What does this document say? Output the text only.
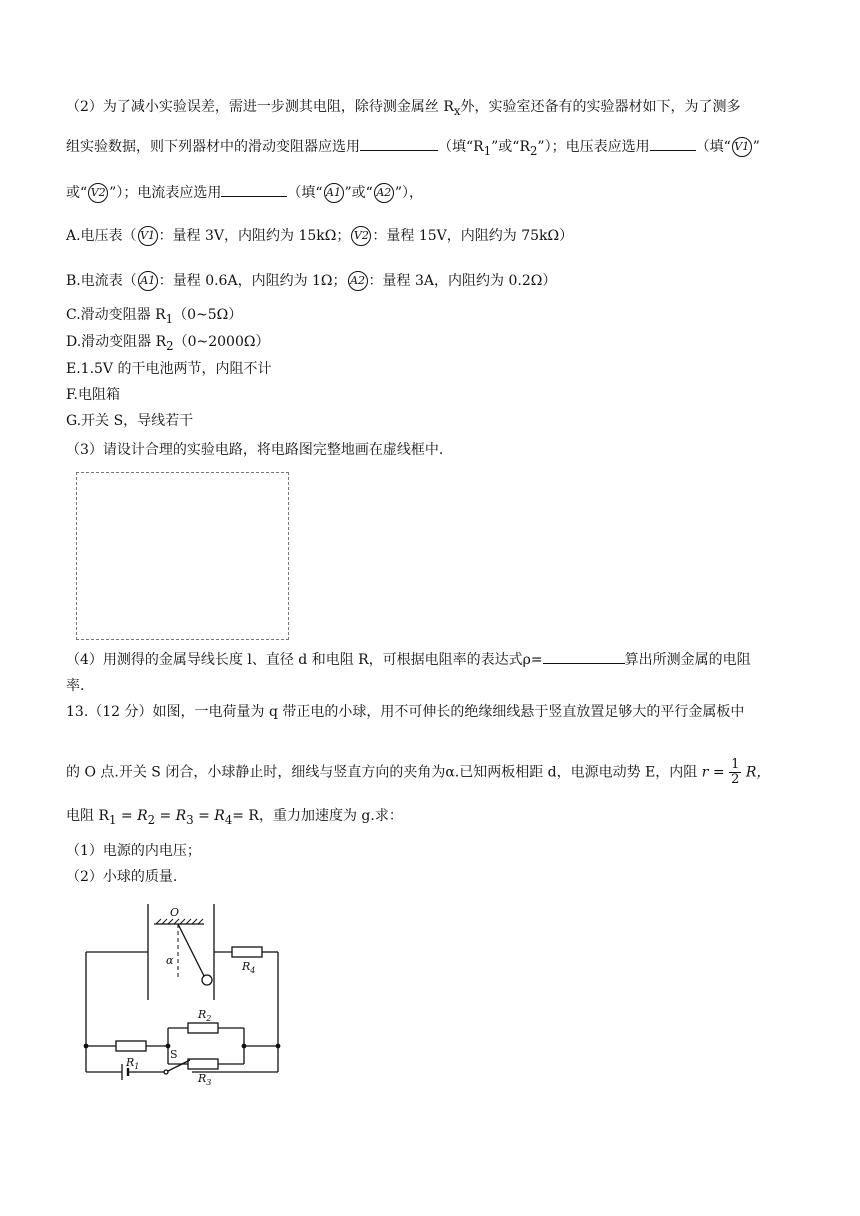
（2）为了减小实验误差，需进一步测其电阻，除待测金属丝 $R_x$外，实验室还备有的实验器材如下，为了测多
组实验数据，则下列器材中的滑动变阻器应选用	（填“$R_1$”或“$R_2$”）；电压表应选用	（填“ V1 ”
或“ V2 ”）；电流表应选用	（填“ A1 ”或“ A2 ”），
A.电压表（ V1 ：量程 3V，内阻约为 15kΩ； V2 ：量程 15V，内阻约为 75kΩ）
B.电流表（ A1 ：量程 0.6A，内阻约为 1Ω； A2 ：量程 3A，内阻约为 0.2Ω）
C.滑动变阻器 $R_1(0\sim 5\Omega)$
D.滑动变阻器 $R_2(0\sim 2000\Omega)$
E.1.5V 的干电池两节，内阻不计
F.电阻箱
G.开关 S，导线若干
（3）请设计合理的实验电路，将电路图完整地画在虚线框中.
（4）用测得的金属导线长度 l、直径 d 和电阻 R，可根据电阻率的表达式ρ=	算出所测金属的电阻
率.
13.（12 分）如图，一电荷量为 q 带正电的小球，用不可伸长的绝缘细线悬于竖直放置足够大的平行金属板中
的 O 点.开关 S 闭合，小球静止时，细线与竖直方向的夹角为α.已知两板相距 d，电源电动势 E，内阻 $r = \frac{1}{2}$ R，
电阻 $R_1 = R_2 = R_3 = R_4= R$，重力加速度为 g.求：
（1）电源的内电压；
（2）小球的质量.
O
α	$R_4$
$R_1$
$R_2$
$R_3$
S
